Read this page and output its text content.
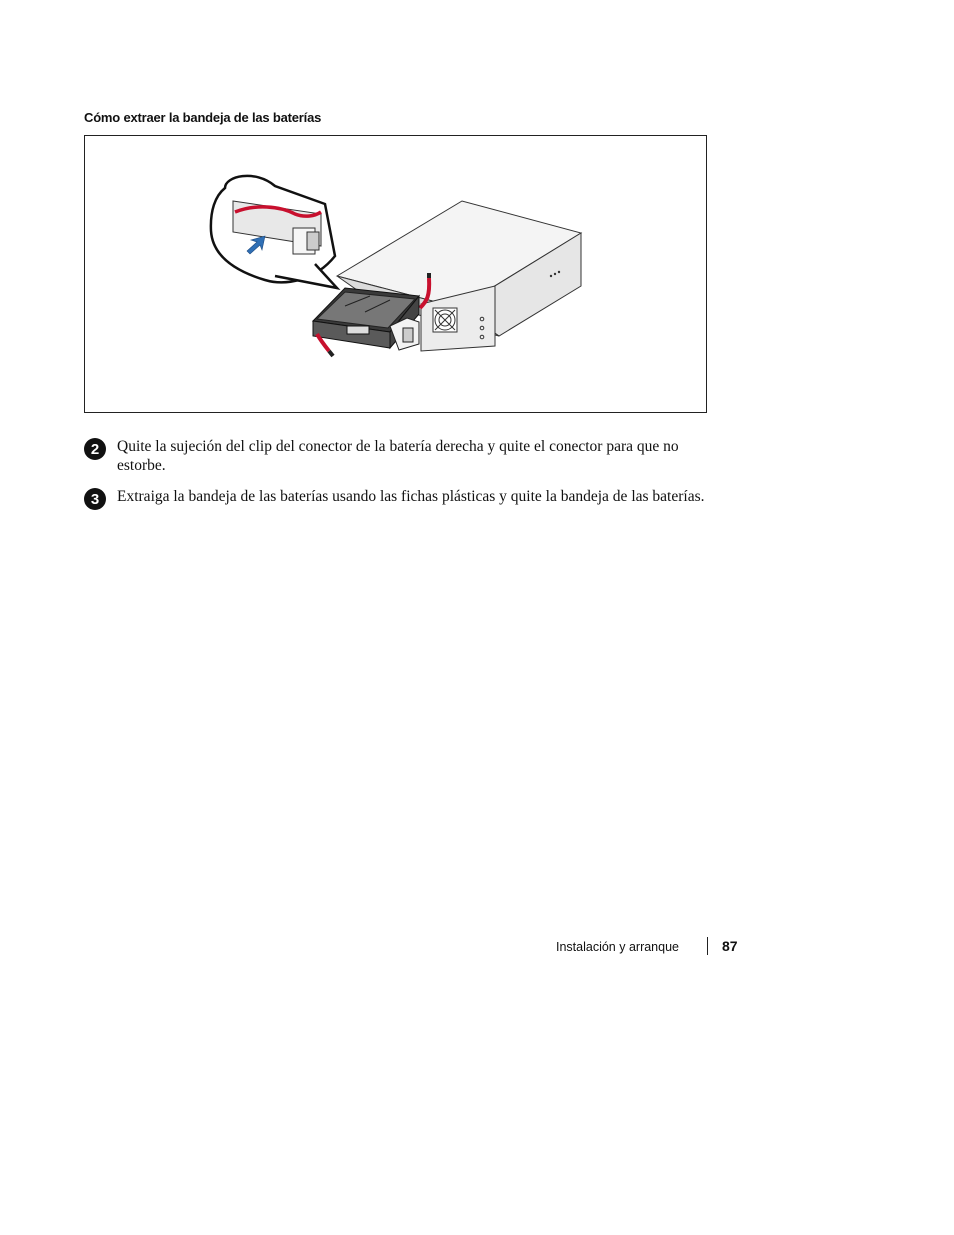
Cómo extraer la bandeja de las baterías
2	Quite la sujeción del clip del conector de la batería derecha y quite el conector para que no estorbe.
3	Extraiga la bandeja de las baterías usando las fichas plásticas y quite la bandeja de las baterías.
Instalación y arranque	87
